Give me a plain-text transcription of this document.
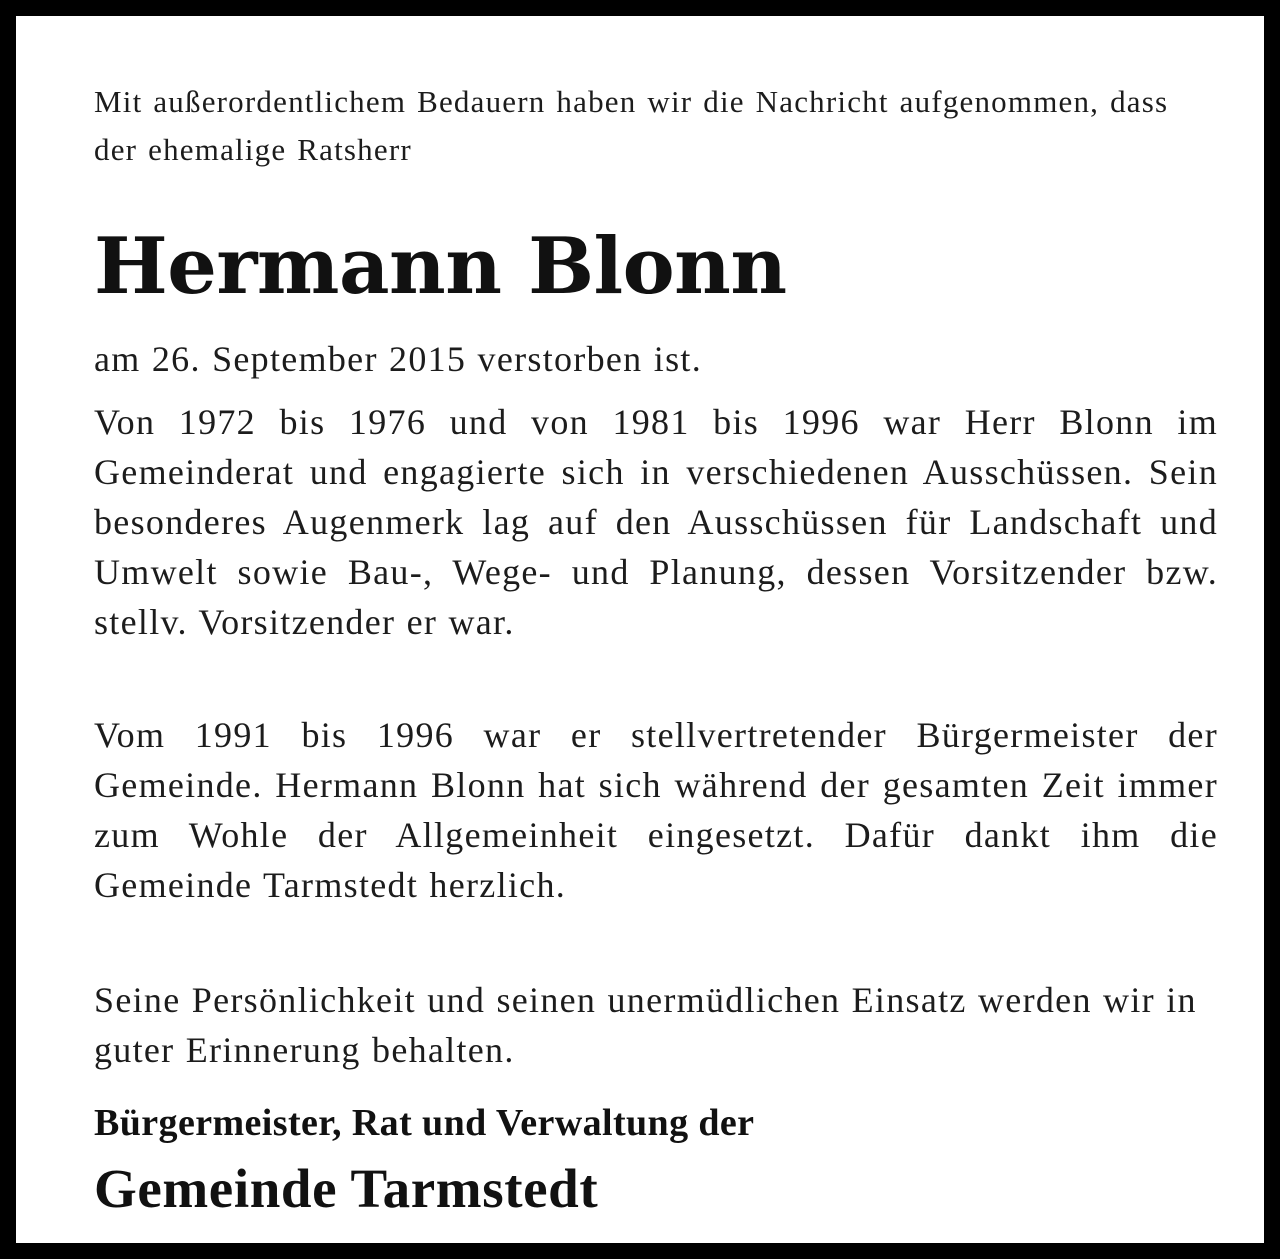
Mit außerordentlichem Bedauern haben wir die Nachricht aufgenommen, dass der ehemalige Ratsherr

Hermann Blonn

am 26. September 2015 verstorben ist.

Von 1972 bis 1976 und von 1981 bis 1996 war Herr Blonn im Gemeinderat und engagierte sich in verschiedenen Ausschüssen. Sein besonderes Augenmerk lag auf den Ausschüssen für Landschaft und Umwelt sowie Bau-, Wege- und Planung, dessen Vorsitzender bzw. stellv. Vorsitzender er war.

Vom 1991 bis 1996 war er stellvertretender Bürgermeister der Gemeinde. Hermann Blonn hat sich während der gesamten Zeit immer zum Wohle der Allgemeinheit eingesetzt. Dafür dankt ihm die Gemeinde Tarmstedt herzlich.

Seine Persönlichkeit und seinen unermüdlichen Einsatz werden wir in guter Erinnerung behalten.

Bürgermeister, Rat und Verwaltung der

Gemeinde Tarmstedt
